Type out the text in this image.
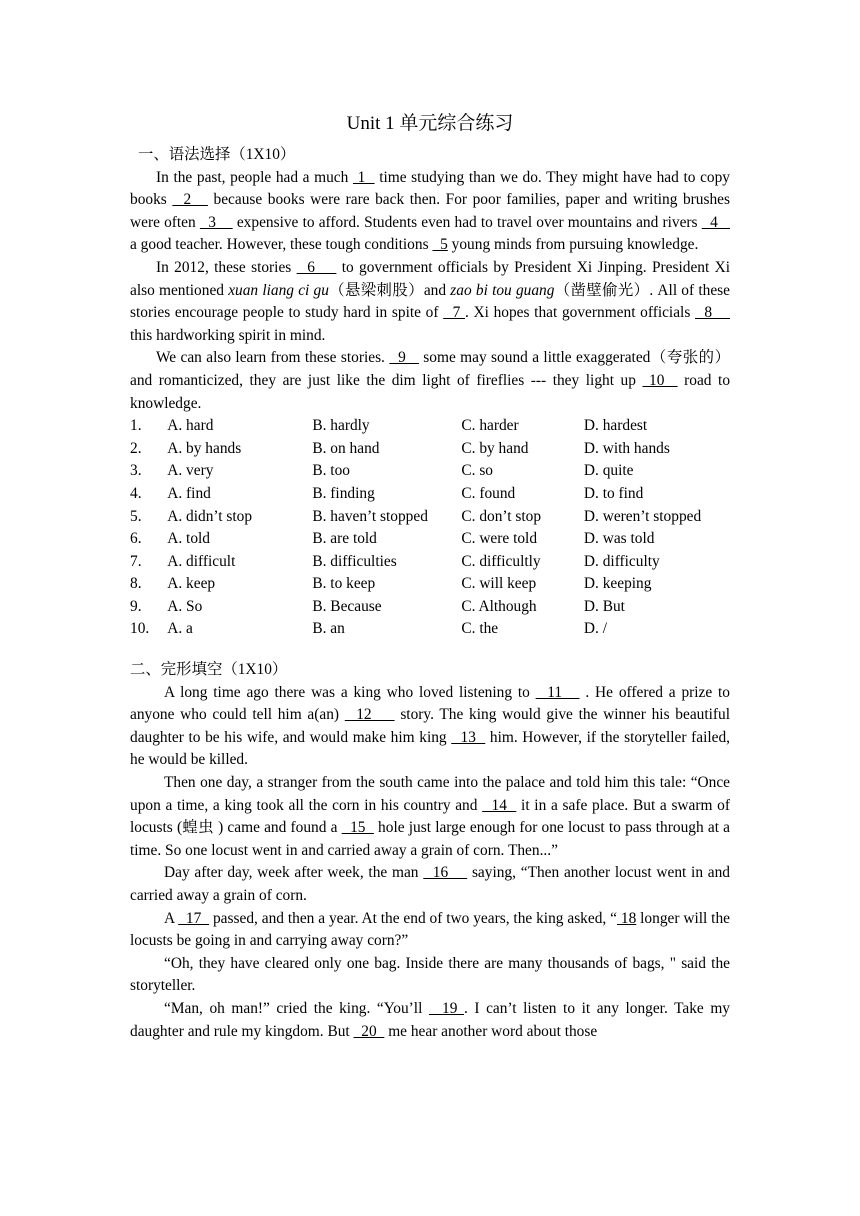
Unit 1 单元综合练习
一、语法选择（1X10）
In the past, people had a much  1   time studying than we do. They might have had to copy books   2    because books were rare back then. For poor families, paper and writing brushes were often   3     expensive to afford. Students even had to travel over mountains and rivers   4    a good teacher. However, these tough conditions   5 young minds from pursuing knowledge.
In 2012, these stories   6     to government officials by President Xi Jinping. President Xi also mentioned xuan liang ci gu（悬梁刺股）and zao bi tou guang（凿壁偷光）. All of these stories encourage people to study hard in spite of   7 . Xi hopes that government officials   8     this hardworking spirit in mind.
We can also learn from these stories.   9    some may sound a little exaggerated（夸张的）and romanticized, they are just like the dim light of fireflies --- they light up  10   road to knowledge.
1.	A. hard	B. hardly	C. harder	D. hardest
2.	A. by hands	B. on hand	C. by hand	D. with hands
3.	A. very	B. too	C. so	D. quite
4.	A. find	B. finding	C. found	D. to find
5.	A. didn’t stop	B. haven’t stopped	C. don’t stop	D. weren’t stopped
6.	A. told	B. are told	C. were told	D. was told
7.	A. difficult	B. difficulties	C. difficultly	D. difficulty
8.	A. keep	B. to keep	C. will keep	D. keeping
9.	A. So	B. Because	C. Although	D. But
10.	A. a	B. an	C. the	D. /
二、完形填空（1X10）
A long time ago there was a king who loved listening to   11    . He offered a prize to anyone who could tell him a(an)   12     story. The king would give the winner his beautiful daughter to be his wife, and would make him king   13   him. However, if the storyteller failed, he would be killed.
Then one day, a stranger from the south came into the palace and told him this tale: “Once upon a time, a king took all the corn in his country and   14   it in a safe place. But a swarm of locusts (蝗虫 ) came and found a   15   hole just large enough for one locust to pass through at a time. So one locust went in and carried away a grain of corn. Then...”
Day after day, week after week, the man   16     saying, “Then another locust went in and carried away a grain of corn.
A   17   passed, and then a year. At the end of two years, the king asked, “ 18 longer will the locusts be going in and carrying away corn?”
“Oh, they have cleared only one bag. Inside there are many thousands of bags, " said the storyteller.
“Man, oh man!” cried the king. “You’ll   19 . I can’t listen to it any longer. Take my daughter and rule my kingdom. But   20   me hear another word about those
